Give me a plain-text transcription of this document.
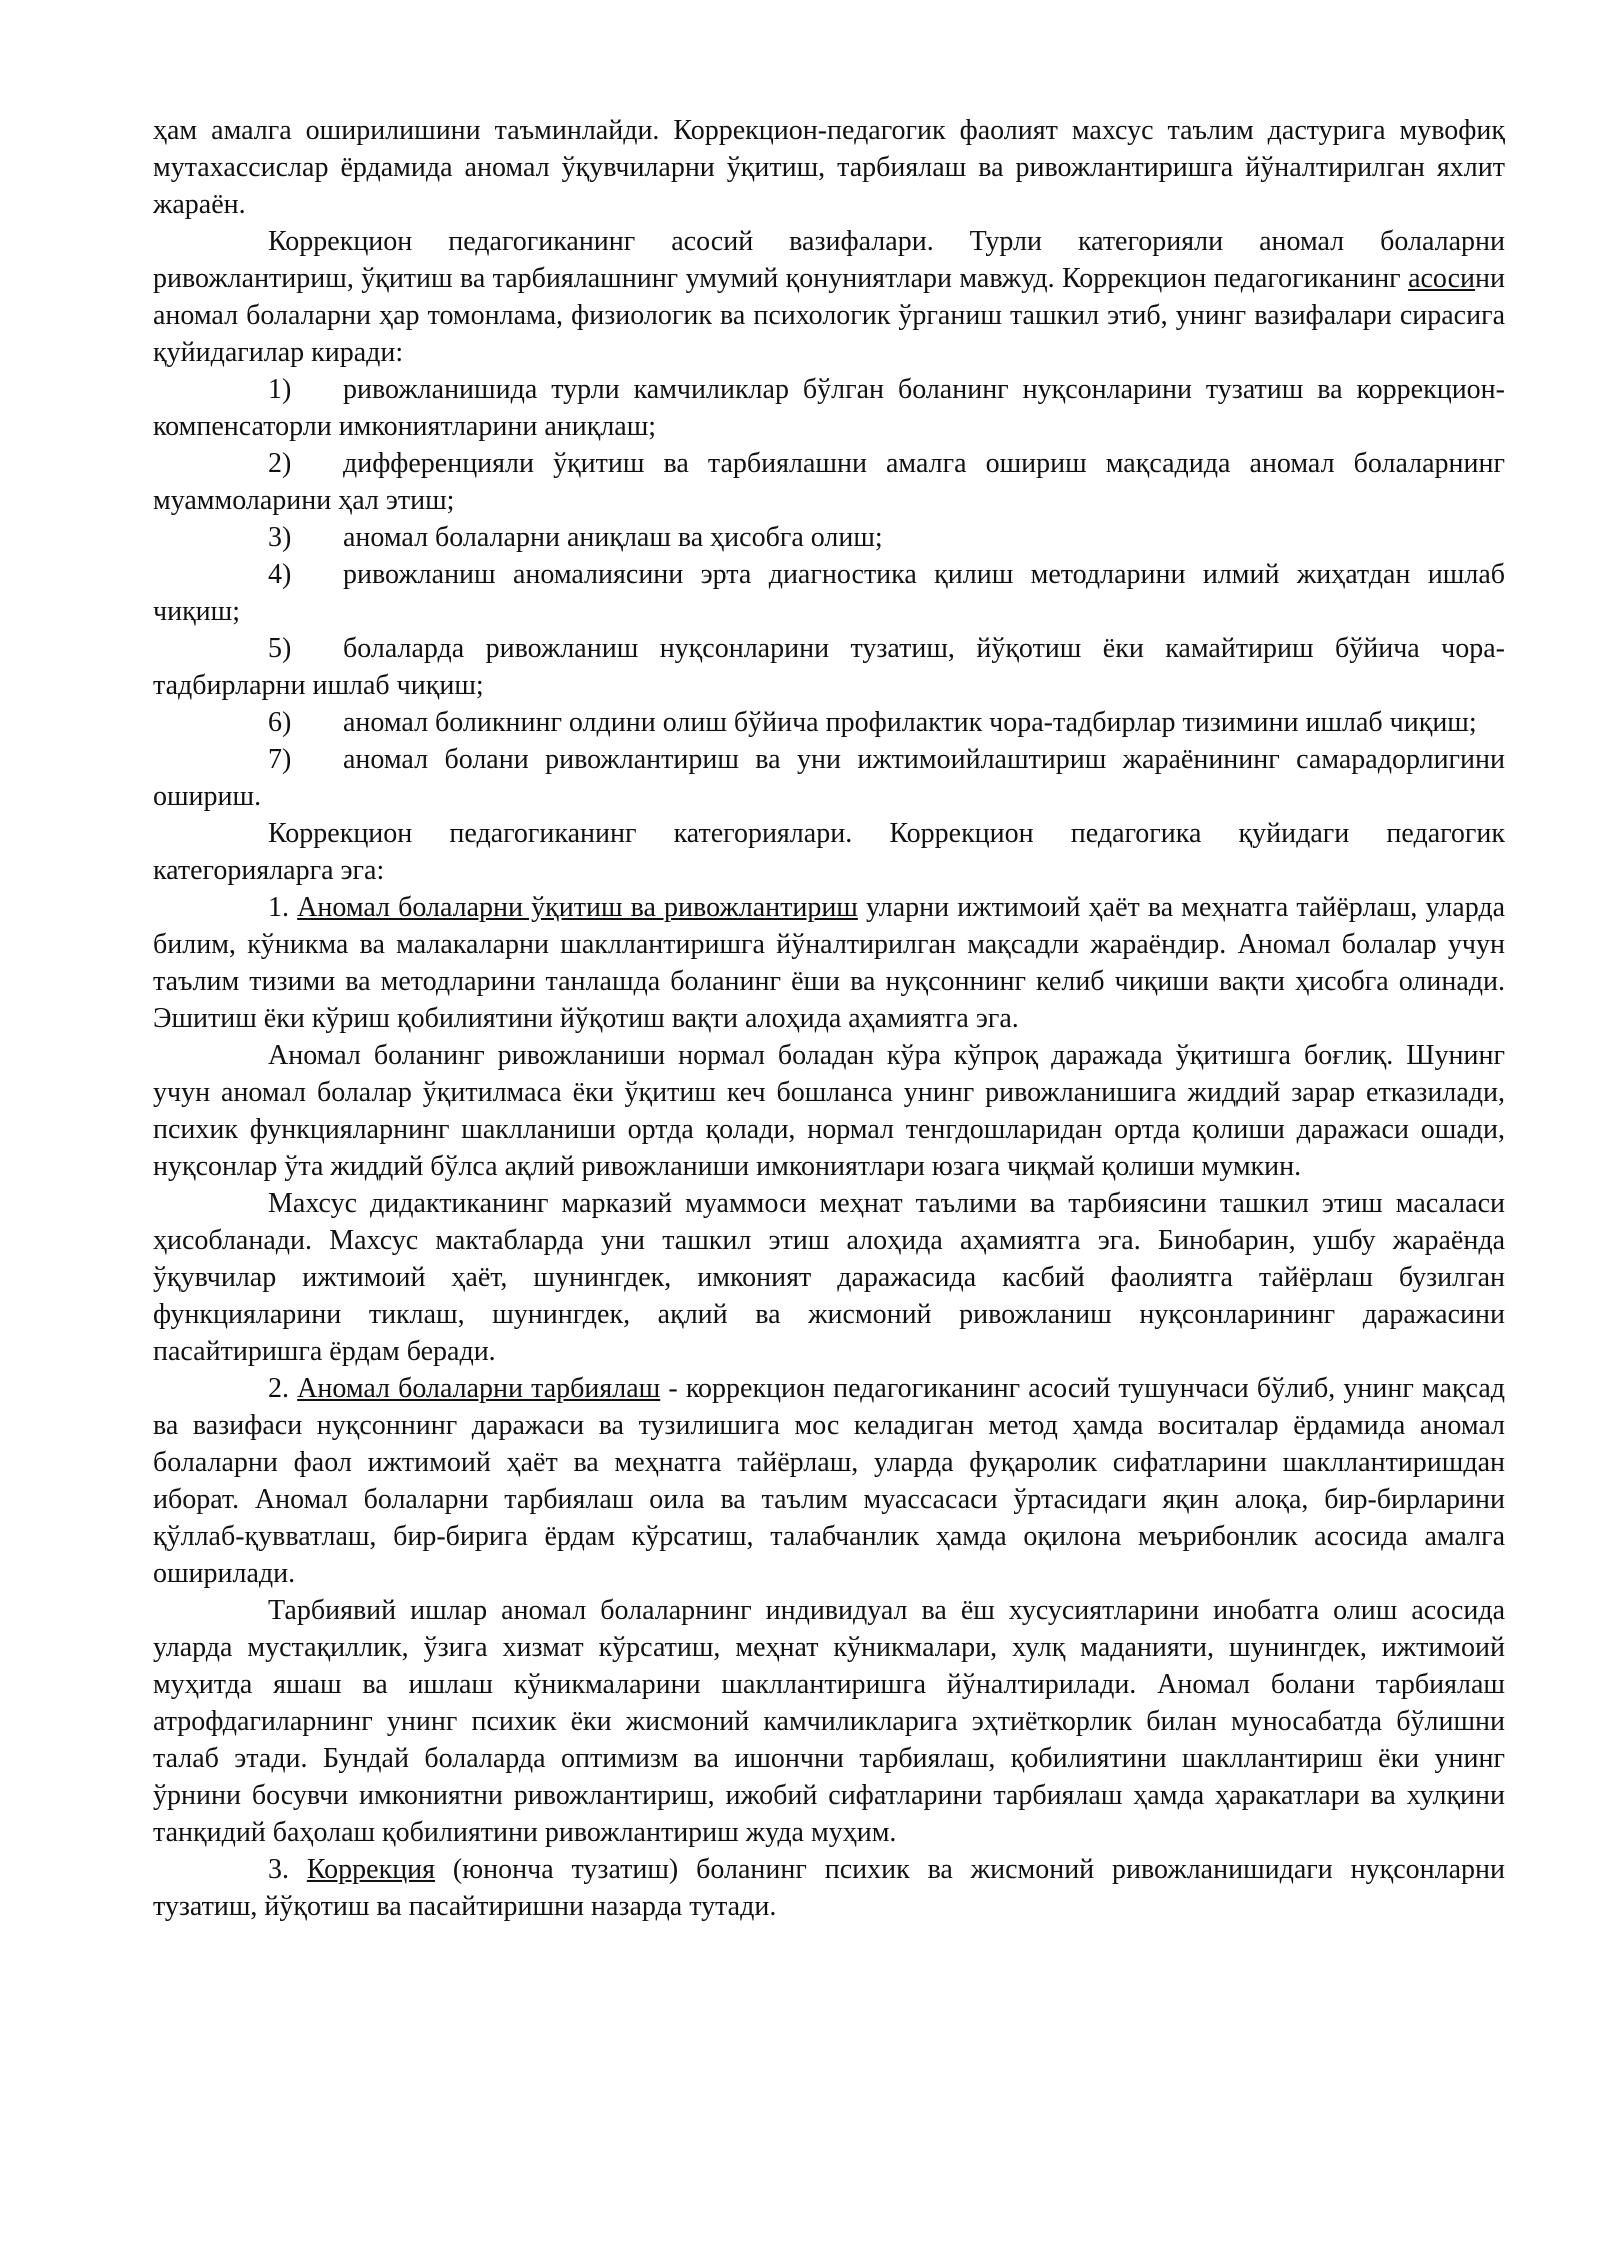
ҳам амалга оширилишини таъминлайди. Коррекцион-педагогик фаолият махсус таълим дастурига мувофиқ мутахассислар ёрдамида аномал ўқувчиларни ўқитиш, тарбиялаш ва ривожлантиришга йўналтирилган яхлит жараён.

Коррекцион педагогиканинг асосий вазифалари. Турли категорияли аномал болаларни ривожлантириш, ўқитиш ва тарбиялашнинг умумий қонуниятлари мавжуд. Коррекцион педагогиканинг асосини аномал болаларни ҳар томонлама, физиологик ва психологик ўрганиш ташкил этиб, унинг вазифалари сирасига қуйидагилар киради:

1) ривожланишида турли камчиликлар бўлган боланинг нуқсонларини тузатиш ва коррекцион-компенсаторли имкониятларини аниқлаш;

2) дифференцияли ўқитиш ва тарбиялашни амалга ошириш мақсадида аномал болаларнинг муаммоларини ҳал этиш;

3) аномал болаларни аниқлаш ва ҳисобга олиш;

4) ривожланиш аномалиясини эрта диагностика қилиш методларини илмий жиҳатдан ишлаб чиқиш;

5) болаларда ривожланиш нуқсонларини тузатиш, йўқотиш ёки камайтириш бўйича чора-тадбирларни ишлаб чиқиш;

6) аномал боликнинг олдини олиш бўйича профилактик чора-тадбирлар тизимини ишлаб чиқиш;

7) аномал болани ривожлантириш ва уни ижтимоийлаштириш жараёнининг самарадорлигини ошириш.

Коррекцион педагогиканинг категориялари. Коррекцион педагогика қуйидаги педагогик категорияларга эга:

1. Аномал болаларни ўқитиш ва ривожлантириш уларни ижтимоий ҳаёт ва меҳнатга тайёрлаш, уларда билим, кўникма ва малакаларни шакллантиришга йўналтирилган мақсадли жараёндир. Аномал болалар учун таълим тизими ва методларини танлашда боланинг ёши ва нуқсоннинг келиб чиқиши вақти ҳисобга олинади. Эшитиш ёки кўриш қобилиятини йўқотиш вақти алоҳида аҳамиятга эга.

Аномал боланинг ривожланиши нормал боладан кўра кўпроқ даражада ўқитишга боғлиқ. Шунинг учун аномал болалар ўқитилмаса ёки ўқитиш кеч бошланса унинг ривожланишига жиддий зарар етказилади, психик функцияларнинг шаклланиши ортда қолади, нормал тенгдошларидан ортда қолиши даражаси ошади, нуқсонлар ўта жиддий бўлса ақлий ривожланиши имкониятлари юзага чиқмай қолиши мумкин.

Махсус дидактиканинг марказий муаммоси меҳнат таълими ва тарбиясини ташкил этиш масаласи ҳисобланади. Махсус мактабларда уни ташкил этиш алоҳида аҳамиятга эга. Бинобарин, ушбу жараёнда ўқувчилар ижтимоий ҳаёт, шунингдек, имконият даражасида касбий фаолиятга тайёрлаш бузилган функцияларини тиклаш, шунингдек, ақлий ва жисмоний ривожланиш нуқсонларининг даражасини пасайтиришга ёрдам беради.

2. Аномал болаларни тарбиялаш - коррекцион педагогиканинг асосий тушунчаси бўлиб, унинг мақсад ва вазифаси нуқсоннинг даражаси ва тузилишига мос келадиган метод ҳамда воситалар ёрдамида аномал болаларни фаол ижтимоий ҳаёт ва меҳнатга тайёрлаш, уларда фуқаролик сифатларини шакллантиришдан иборат. Аномал болаларни тарбиялаш оила ва таълим муассасаси ўртасидаги яқин алоқа, бир-бирларини қўллаб-қувватлаш, бир-бирига ёрдам кўрсатиш, талабчанлик ҳамда оқилона меърибонлик асосида амалга оширилади.

Тарбиявий ишлар аномал болаларнинг индивидуал ва ёш хусусиятларини инобатга олиш асосида уларда мустақиллик, ўзига хизмат кўрсатиш, меҳнат кўникмалари, хулқ маданияти, шунингдек, ижтимоий муҳитда яшаш ва ишлаш кўникмаларини шакллантиришга йўналтирилади. Аномал болани тарбиялаш атрофдагиларнинг унинг психик ёки жисмоний камчиликларига эҳтиёткорлик билан муносабатда бўлишни талаб этади. Бундай болаларда оптимизм ва ишончни тарбиялаш, қобилиятини шакллантириш ёки унинг ўрнини босувчи имкониятни ривожлантириш, ижобий сифатларини тарбиялаш ҳамда ҳаракатлари ва хулқини танқидий баҳолаш қобилиятини ривожлантириш жуда муҳим.

3. Коррекция (юнонча тузатиш) боланинг психик ва жисмоний ривожланишидаги нуқсонларни тузатиш, йўқотиш ва пасайтиришни назарда тутади.
